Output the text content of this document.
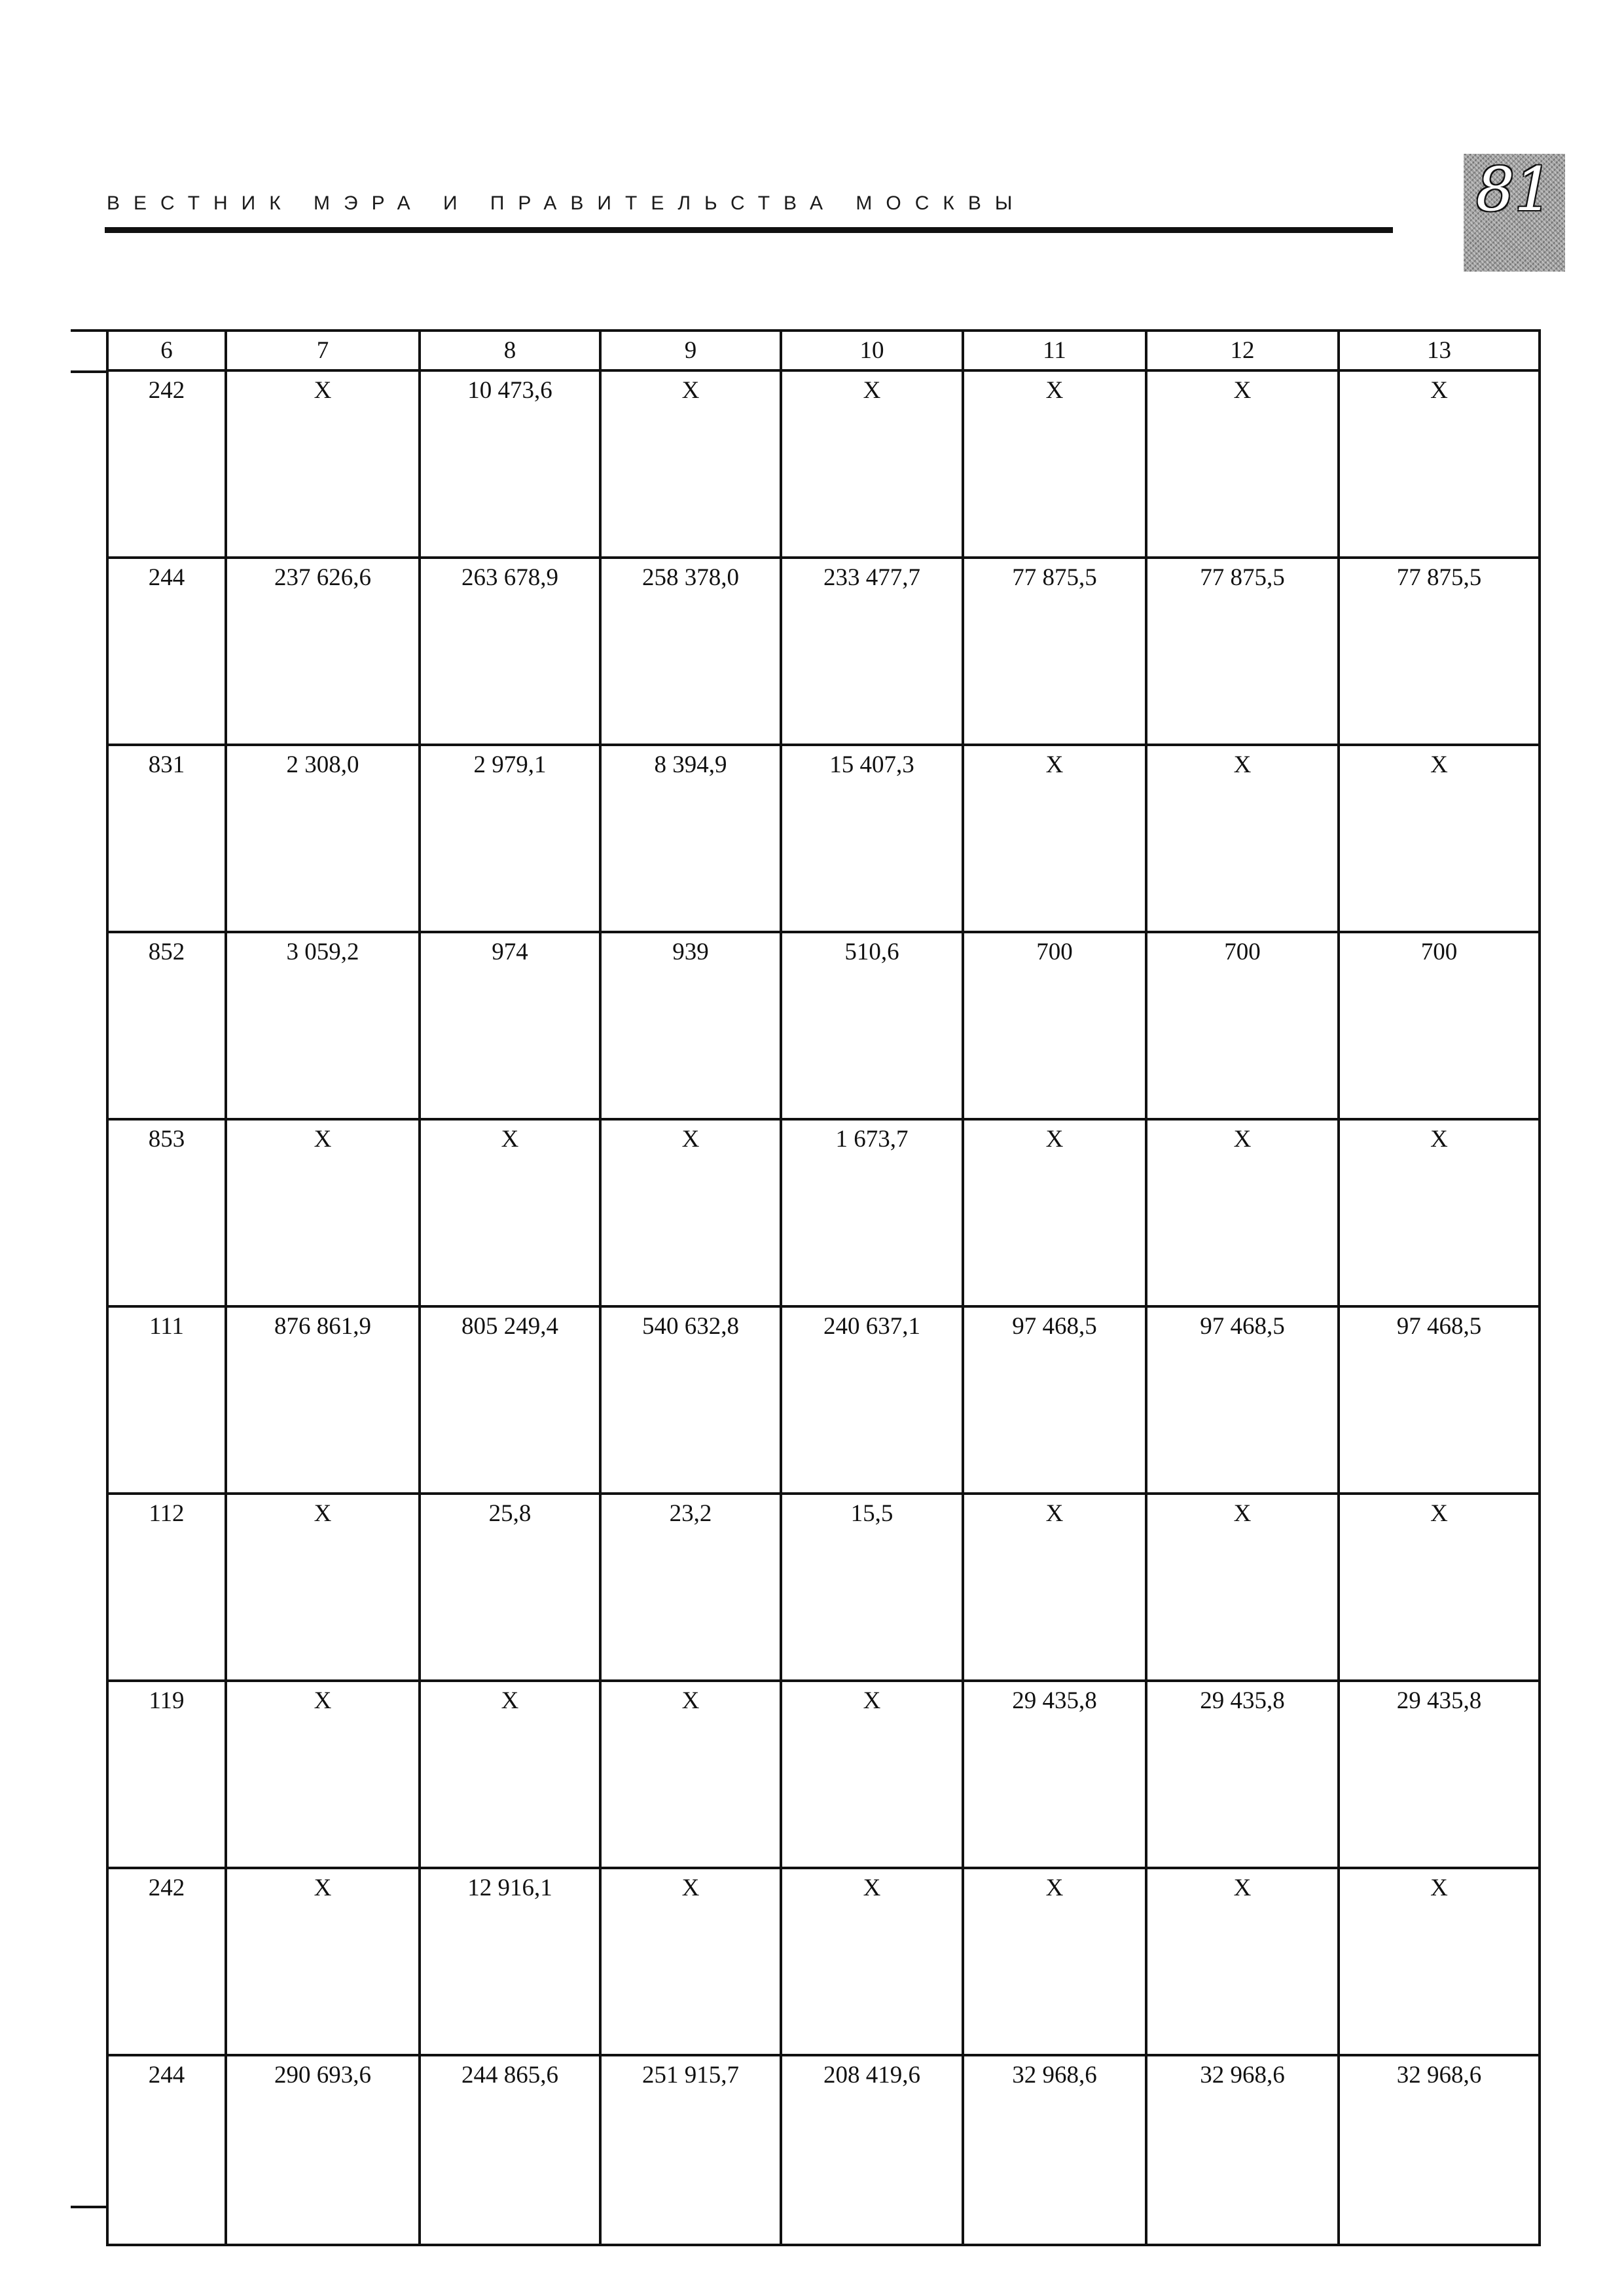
ВЕСТНИК МЭРА И ПРАВИТЕЛЬСТВА МОСКВЫ	81
6	7	8	9	10	11	12	13
242	X	10 473,6	X	X	X	X	X
244	237 626,6	263 678,9	258 378,0	233 477,7	77 875,5	77 875,5	77 875,5
831	2 308,0	2 979,1	8 394,9	15 407,3	X	X	X
852	3 059,2	974	939	510,6	700	700	700
853	X	X	X	1 673,7	X	X	X
111	876 861,9	805 249,4	540 632,8	240 637,1	97 468,5	97 468,5	97 468,5
112	X	25,8	23,2	15,5	X	X	X
119	X	X	X	X	29 435,8	29 435,8	29 435,8
242	X	12 916,1	X	X	X	X	X
244	290 693,6	244 865,6	251 915,7	208 419,6	32 968,6	32 968,6	32 968,6
